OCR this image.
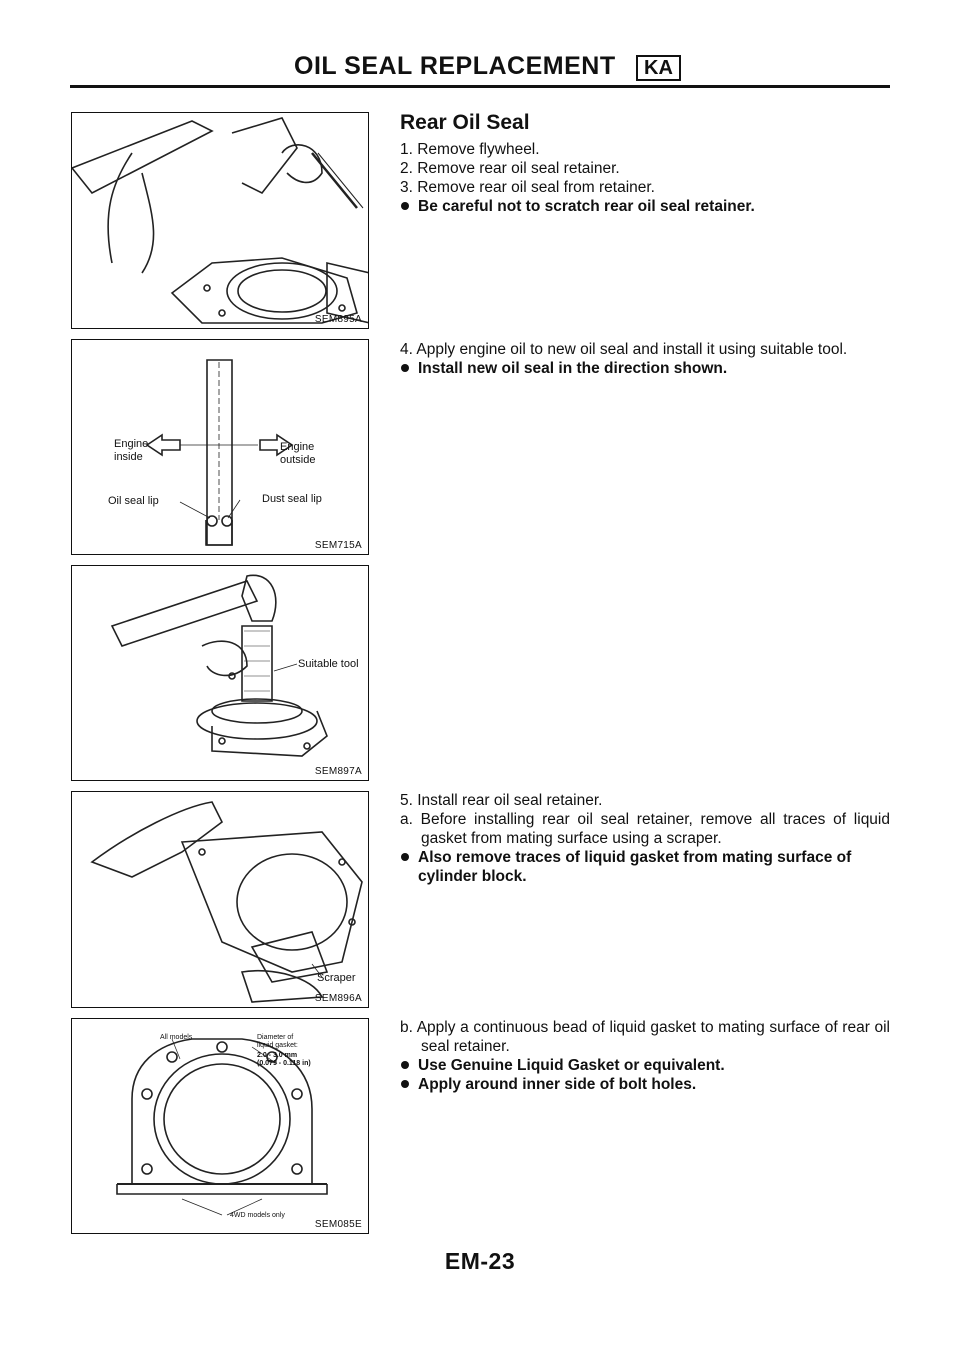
OIL SEAL REPLACEMENT	KA
SEM895A
Engine
inside
Engine
outside
Oil seal lip	Dust seal lip
SEM715A
Suitable tool
SEM897A
Scraper
SEM896A
All models	Diameter of
liquid gasket:
2.0 - 3.0 mm
(0.079 - 0.118 in)
4WD models only
SEM085E
Rear Oil Seal

1. Remove flywheel.

2. Remove rear oil seal retainer.

3. Remove rear oil seal from retainer.

Be careful not to scratch rear oil seal retainer.

4. Apply engine oil to new oil seal and install it using suitable tool.

Install new oil seal in the direction shown.

5. Install rear oil seal retainer.

a. Before installing rear oil seal retainer, remove all traces of liquid gasket from mating surface using a scraper.

Also remove traces of liquid gasket from mating surface of cylinder block.

b. Apply a continuous bead of liquid gasket to mating surface of rear oil seal retainer.

Use Genuine Liquid Gasket or equivalent.

Apply around inner side of bolt holes.

EM-23
